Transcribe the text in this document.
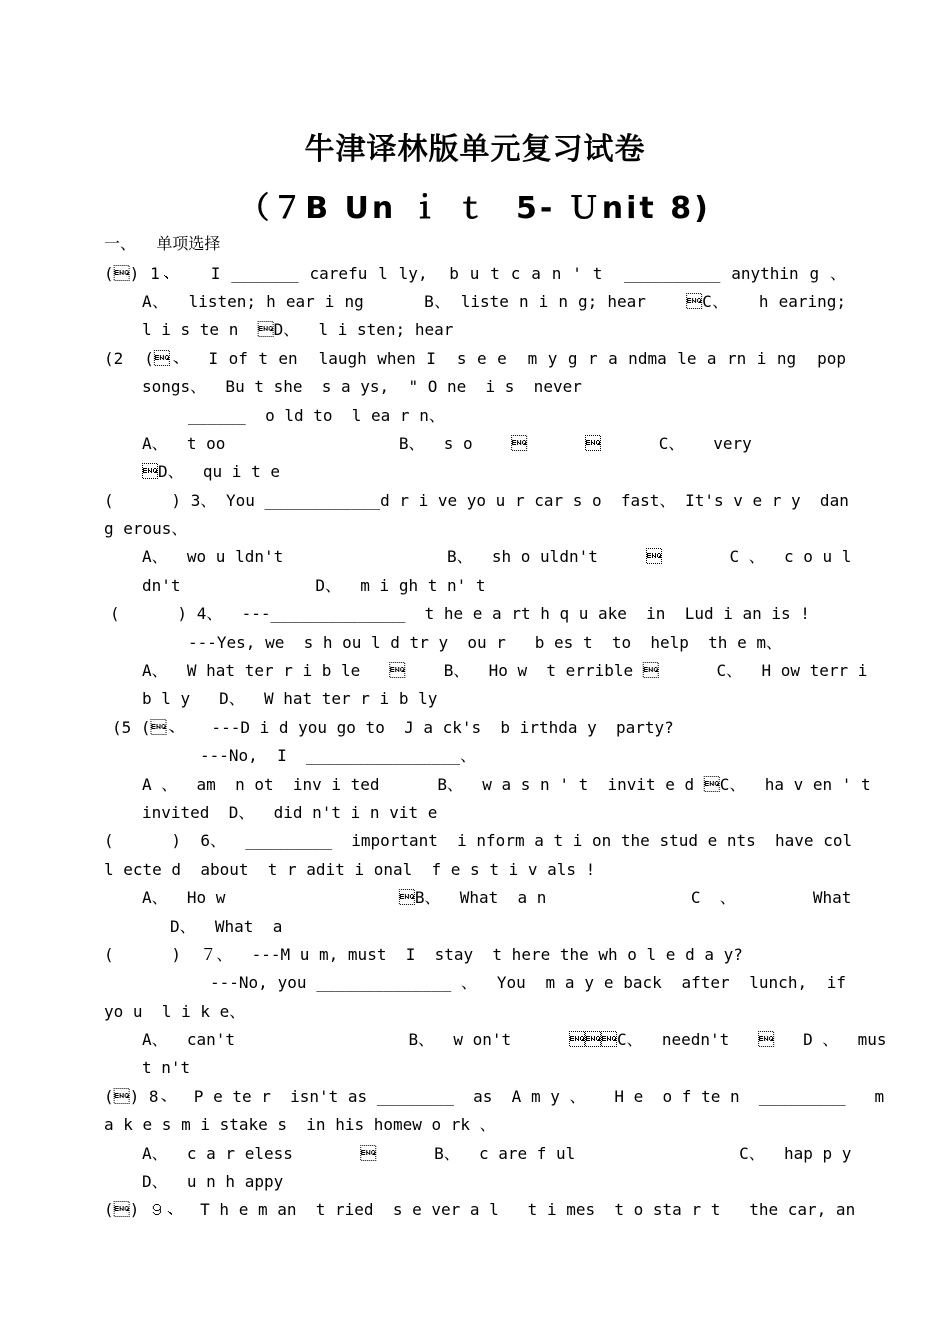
牛津译林版单元复习试卷
（７B Un ｉ ｔ  5- Ｕnit 8)
一、    单项选择
() 1、   I _______ carefu l ly,  b u t c a n ' t  __________ anythin g 、
A、  listen; h ear i ng      B、 liste n i n g; hear    C、   h earing;
l i s te n  D、  l i sten; hear
(2  (、  I of t en  laugh when I  s e e  m y g r a ndma le a rn i ng  pop
songs、  Bu t she  s a ys,  " O ne  i s  never
______  o ld to  l ea r n、
A、  t oo                  B、  s o                C、   very
D、  qu i t e
(      ) 3、 You ____________d r i ve yo u r car s o  fast、 It's v e r y  dan
g erous、
A、  wo u ldn't                 B、  sh o uldn't            C 、  c o u l
dn't              D、  m i gh t n' t
(      ) 4、  ---______________  t he e a rt h q u ake  in  Lud i an is !
---Yes, we  s h ou l d tr y  ou r   b es t  to  help  th e m、
A、  W hat ter r i b le       B、  Ho w  t errible       C、  H ow terr i
b l y   D、  W hat ter r i b ly
(5 (、   ---D i d you go to  J a ck's  b irthda y  party?
---No,  I  ________________、
A 、  am  n ot  inv i ted      B、  w a s n ' t  invit e d C、  ha v en ' t
invited  D、  did n't i n vit e
(      )  6、  _________  important  i nform a t i on the stud e nts  have col
l ecte d  about  t r adit i onal  f e s t i v als !
A、  Ho w                  B、  What  a n               C  、        What
D、  What  a
(      )  ７、  ---M u m, must  I  stay  t here the wh o l e d a y?
---No, you ______________ 、  You  m a y e back  after  lunch,  if
yo u  l i k e、
A、  can't                  B、  w on't      C、  needn't      D 、  mus
t n't
() 8、  P e te r  isn't as ________  as  A m y 、   H e  o f te n  _________   m
a k e s m i stake s  in his homew o rk 、
A、  c a r eless             B、  c are f ul                 C、  hap p y
D、  u n h appy
() ９、  T h e m an  t ried  s e ver a l   t i mes  t o sta r t   the car, an
